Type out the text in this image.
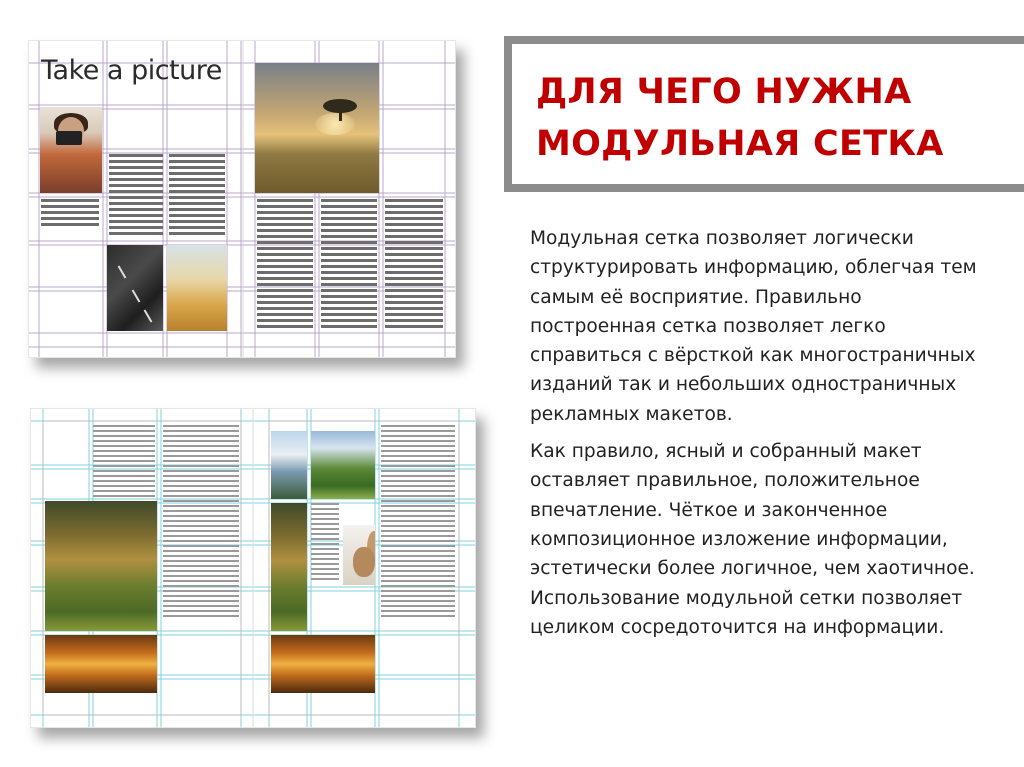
Take a picture
ДЛЯ ЧЕГО НУЖНА
МОДУЛЬНАЯ СЕТКА

Модульная сетка позволяет логически структурировать информацию, облегчая тем самым её восприятие. Правильно построенная сетка позволяет легко справиться с вёрсткой как многостраничных изданий так и небольших одностраничных рекламных макетов.

Как правило, ясный и собранный макет оставляет правильное, положительное впечатление. Чёткое и законченное композиционное изложение информации, эстетически более логичное, чем хаотичное. Использование модульной сетки позволяет целиком сосредоточится на информации.
